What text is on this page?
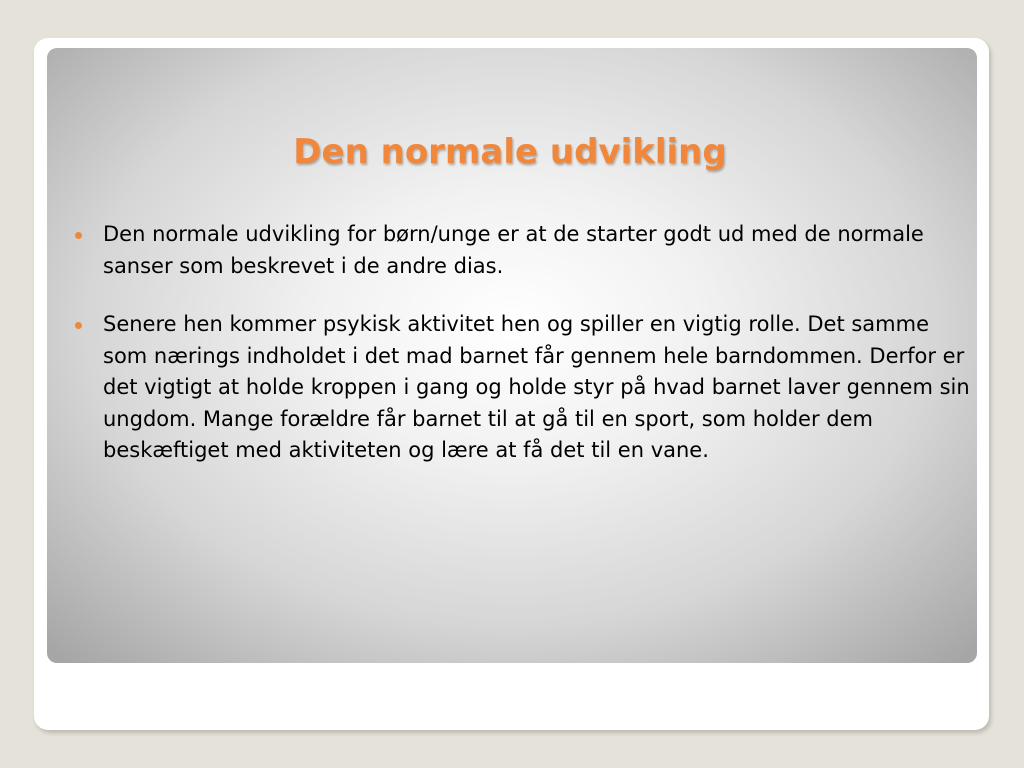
Den normale udvikling
Den normale udvikling for børn/unge er at de starter godt ud med de normale sanser som beskrevet i de andre dias.
Senere hen kommer psykisk aktivitet hen og spiller en vigtig rolle. Det samme som nærings indholdet i det mad barnet får gennem hele barndommen. Derfor er det vigtigt at holde kroppen i gang og holde styr på hvad barnet laver gennem sin ungdom. Mange forældre får barnet til at gå til en sport, som holder dem beskæftiget med aktiviteten og lære at få det til en vane.
